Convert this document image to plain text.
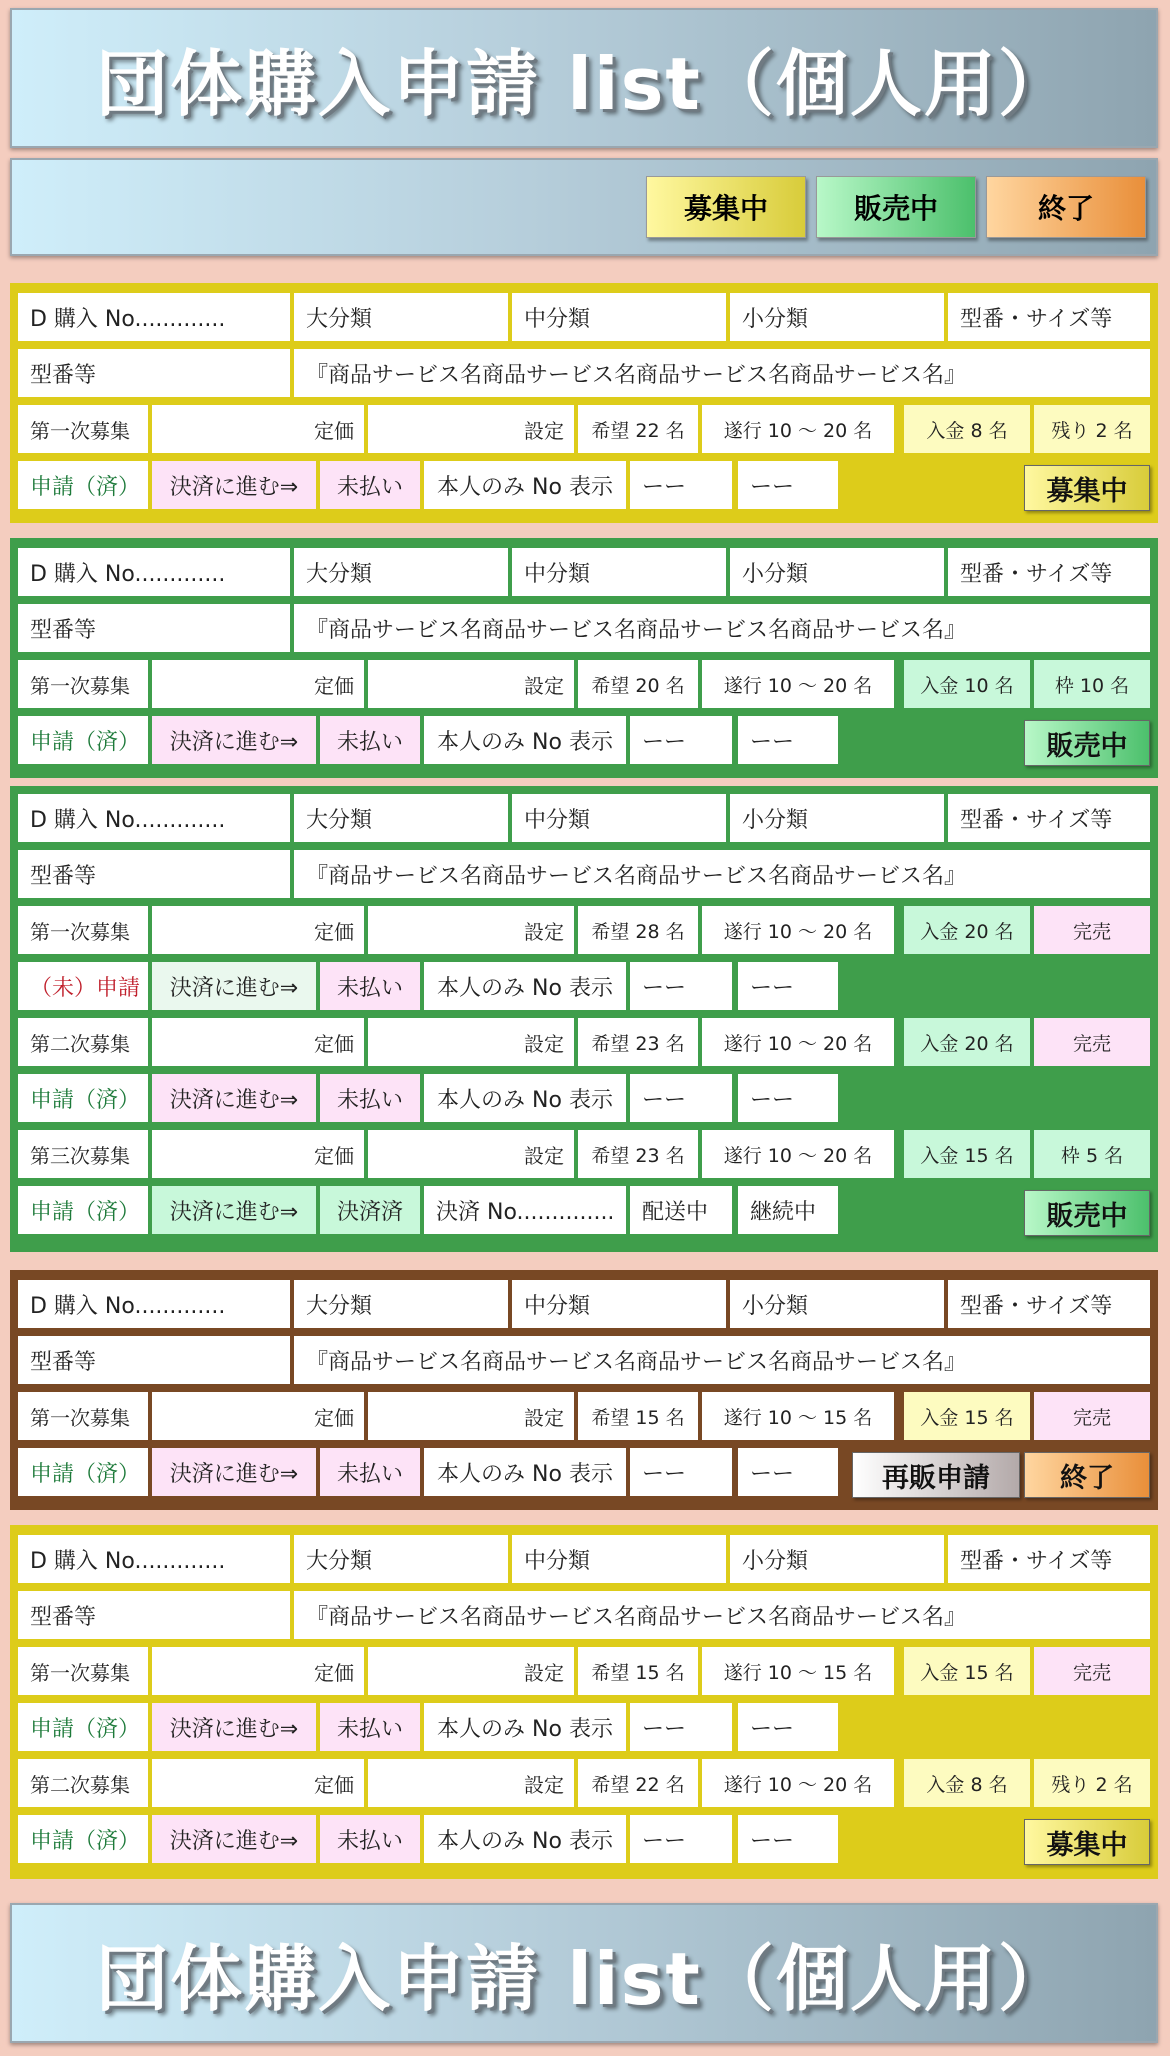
団体購入申請 list（個人用）
募集中	販売中	終了
D 購入 No.............	大分類	中分類	小分類	型番・サイズ等
型番等	『商品サービス名商品サービス名商品サービス名商品サービス名』
第一次募集	定価	設定	希望 22 名	遂行 10 ～ 20 名	入金 8 名	残り 2 名
申請（済）	決済に進む⇒	未払い	本人のみ No 表示	ーー	ーー	募集中
D 購入 No.............	大分類	中分類	小分類	型番・サイズ等
型番等	『商品サービス名商品サービス名商品サービス名商品サービス名』
第一次募集	定価	設定	希望 20 名	遂行 10 ～ 20 名	入金 10 名	枠 10 名
申請（済）	決済に進む⇒	未払い	本人のみ No 表示	ーー	ーー	販売中
D 購入 No.............	大分類	中分類	小分類	型番・サイズ等
型番等	『商品サービス名商品サービス名商品サービス名商品サービス名』
第一次募集	定価	設定	希望 28 名	遂行 10 ～ 20 名	入金 20 名	完売
（未）申請	決済に進む⇒	未払い	本人のみ No 表示	ーー	ーー
第二次募集	定価	設定	希望 23 名	遂行 10 ～ 20 名	入金 20 名	完売
申請（済）	決済に進む⇒	未払い	本人のみ No 表示	ーー	ーー
第三次募集	定価	設定	希望 23 名	遂行 10 ～ 20 名	入金 15 名	枠 5 名
申請（済）	決済に進む⇒	決済済	決済 No..............	配送中	継続中	販売中
D 購入 No.............	大分類	中分類	小分類	型番・サイズ等
型番等	『商品サービス名商品サービス名商品サービス名商品サービス名』
第一次募集	定価	設定	希望 15 名	遂行 10 ～ 15 名	入金 15 名	完売
申請（済）	決済に進む⇒	未払い	本人のみ No 表示	ーー	ーー	再販申請	終了
D 購入 No.............	大分類	中分類	小分類	型番・サイズ等
型番等	『商品サービス名商品サービス名商品サービス名商品サービス名』
第一次募集	定価	設定	希望 15 名	遂行 10 ～ 15 名	入金 15 名	完売
申請（済）	決済に進む⇒	未払い	本人のみ No 表示	ーー	ーー
第二次募集	定価	設定	希望 22 名	遂行 10 ～ 20 名	入金 8 名	残り 2 名
申請（済）	決済に進む⇒	未払い	本人のみ No 表示	ーー	ーー	募集中
団体購入申請 list（個人用）
